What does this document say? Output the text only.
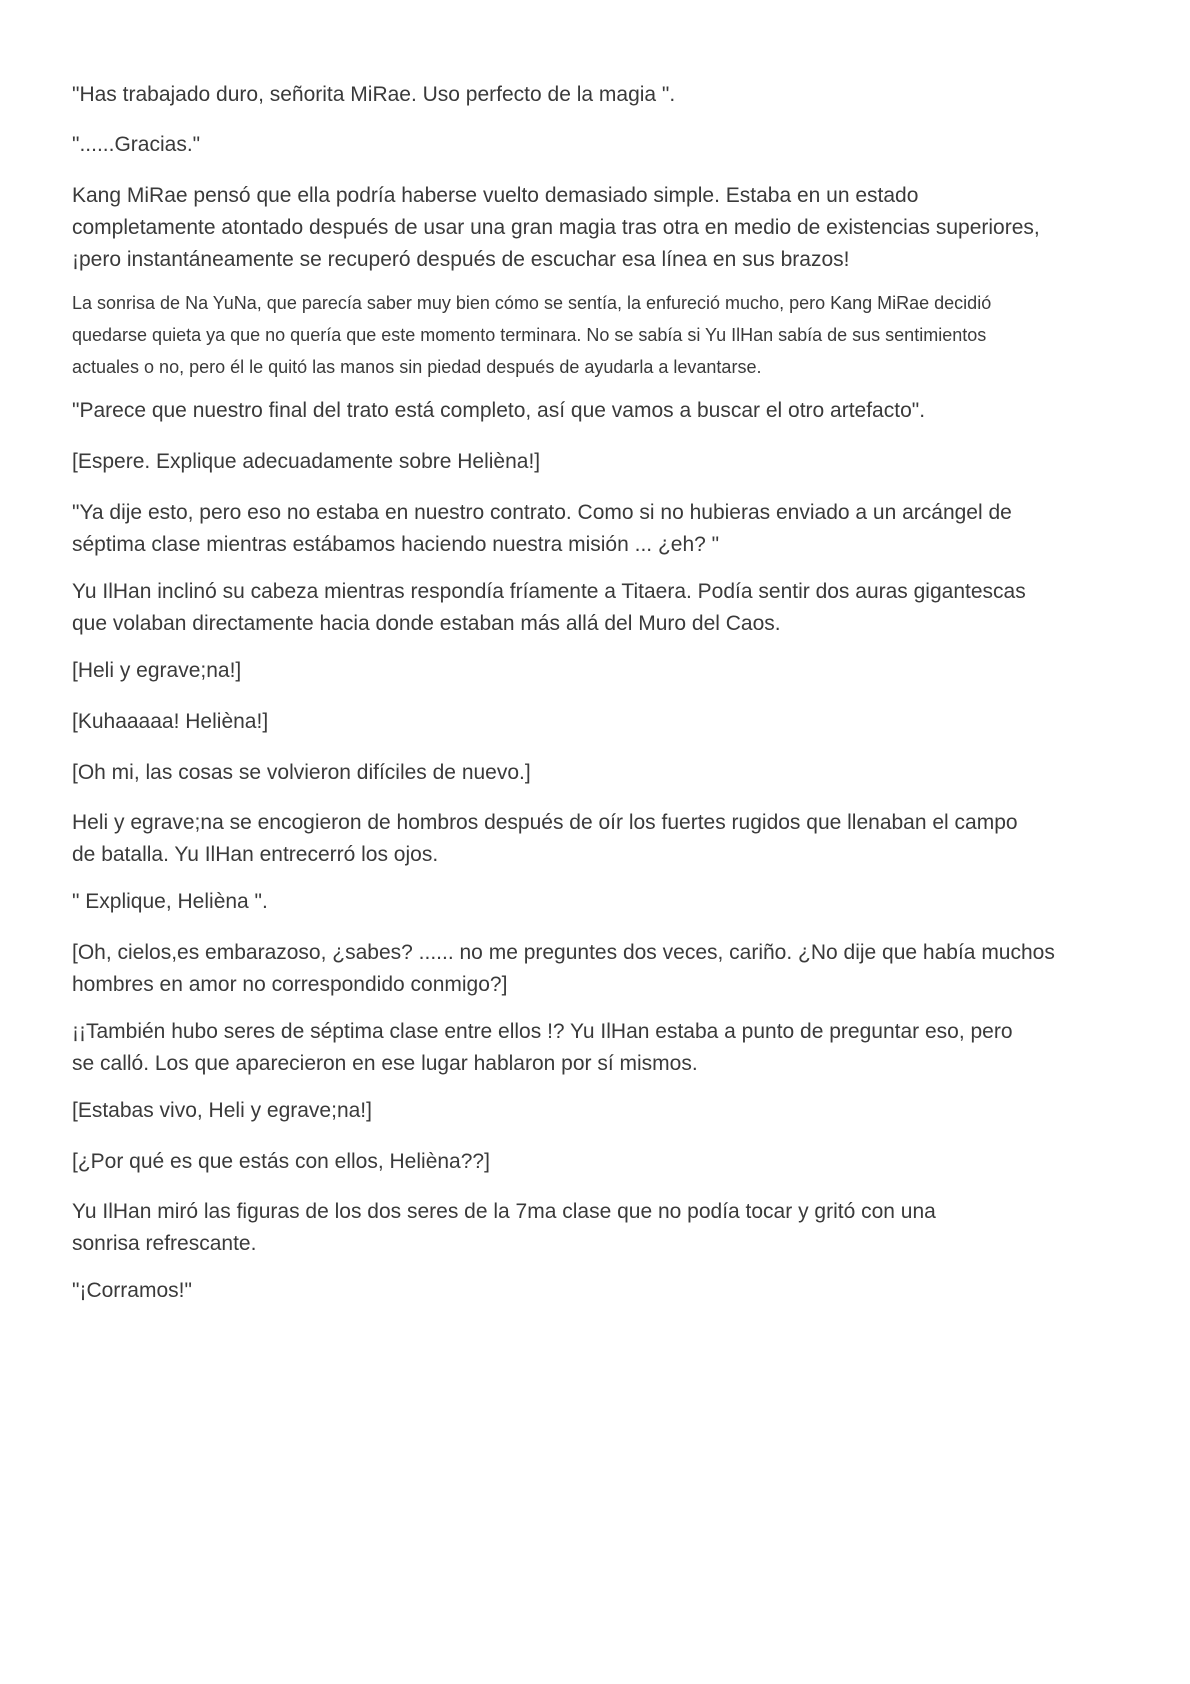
"Has trabajado duro, señorita MiRae. Uso perfecto de la magia ".

"......Gracias."

Kang MiRae pensó que ella podría haberse vuelto demasiado simple. Estaba en un estado
completamente atontado después de usar una gran magia tras otra en medio de existencias superiores,
¡pero instantáneamente se recuperó después de escuchar esa línea en sus brazos!

La sonrisa de Na YuNa, que parecía saber muy bien cómo se sentía, la enfureció mucho, pero Kang MiRae decidió
quedarse quieta ya que no quería que este momento terminara. No se sabía si Yu IlHan sabía de sus sentimientos
actuales o no, pero él le quitó las manos sin piedad después de ayudarla a levantarse.

"Parece que nuestro final del trato está completo, así que vamos a buscar el otro artefacto".

[Espere. Explique adecuadamente sobre Helièna!]

"Ya dije esto, pero eso no estaba en nuestro contrato. Como si no hubieras enviado a un arcángel de
séptima clase mientras estábamos haciendo nuestra misión ... ¿eh? "

Yu IlHan inclinó su cabeza mientras respondía fríamente a Titaera. Podía sentir dos auras gigantescas
que volaban directamente hacia donde estaban más allá del Muro del Caos.

[Heli y egrave;na!]

[Kuhaaaaa! Helièna!]

[Oh mi, las cosas se volvieron difíciles de nuevo.]

Heli y egrave;na se encogieron de hombros después de oír los fuertes rugidos que llenaban el campo
de batalla. Yu IlHan entrecerró los ojos.

" Explique, Helièna ".

[Oh, cielos,es embarazoso, ¿sabes? ...... no me preguntes dos veces, cariño. ¿No dije que había muchos
hombres en amor no correspondido conmigo?]

¡¡También hubo seres de séptima clase entre ellos !? Yu IlHan estaba a punto de preguntar eso, pero
se calló. Los que aparecieron en ese lugar hablaron por sí mismos.

[Estabas vivo, Heli y egrave;na!]

[¿Por qué es que estás con ellos, Helièna??]

Yu IlHan miró las figuras de los dos seres de la 7ma clase que no podía tocar y gritó con una
sonrisa refrescante.

"¡Corramos!"
